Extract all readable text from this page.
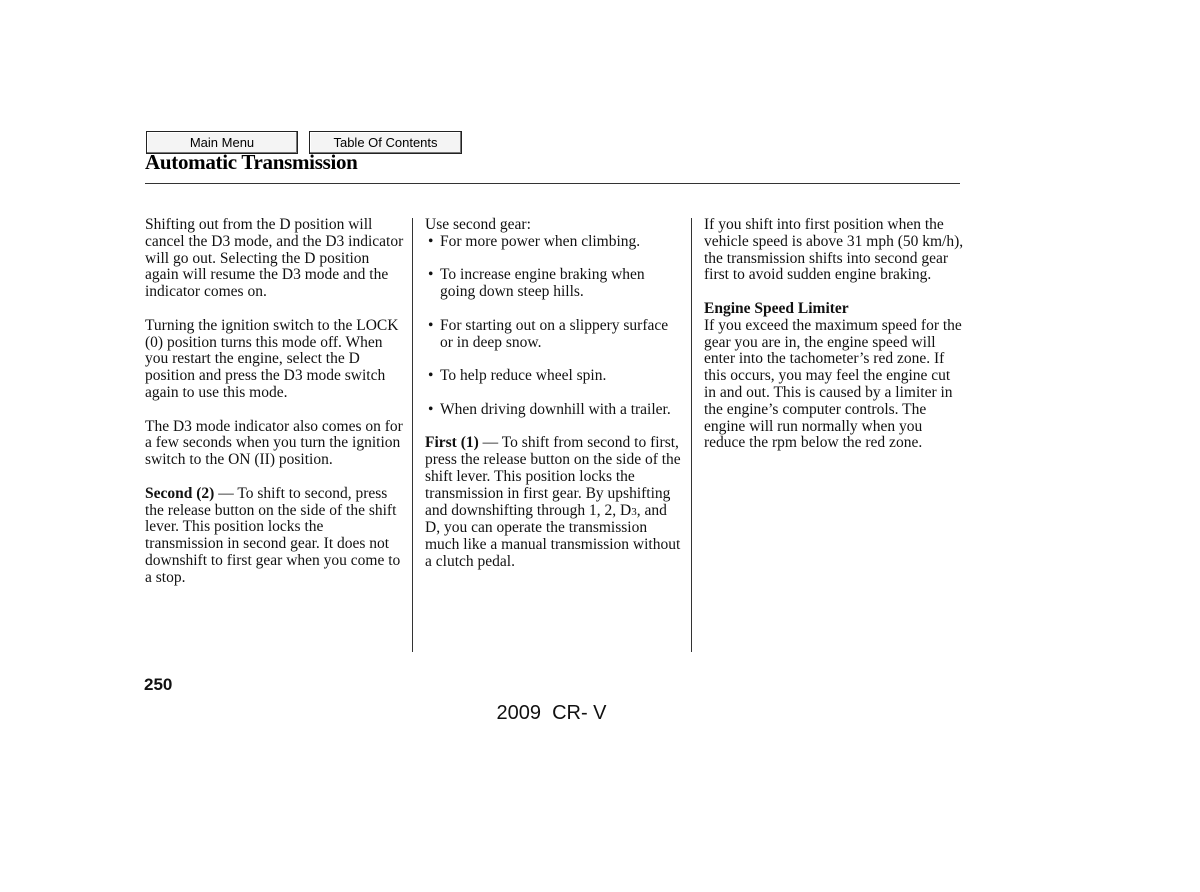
Main Menu	Table Of Contents
Automatic Transmission

Shifting out from the D position will cancel the D3 mode, and the D3 indicator will go out. Selecting the D position again will resume the D3 mode and the indicator comes on.

Turning the ignition switch to the LOCK (0) position turns this mode off. When you restart the engine, select the D position and press the D3 mode switch again to use this mode.

The D3 mode indicator also comes on for a few seconds when you turn the ignition switch to the ON (II) position.

Second (2) — To shift to second, press the release button on the side of the shift lever. This position locks the transmission in second gear. It does not downshift to first gear when you come to a stop.

Use second gear:

• For more power when climbing.
• To increase engine braking when going down steep hills.
• For starting out on a slippery surface or in deep snow.
• To help reduce wheel spin.
• When driving downhill with a trailer.

First (1) — To shift from second to first, press the release button on the side of the shift lever. This position locks the transmission in first gear. By upshifting and downshifting through 1, 2, D3, and D, you can operate the transmission much like a manual transmission without a clutch pedal.

If you shift into first position when the vehicle speed is above 31 mph (50 km/h), the transmission shifts into second gear first to avoid sudden engine braking.

Engine Speed Limiter

If you exceed the maximum speed for the gear you are in, the engine speed will enter into the tachometer’s red zone. If this occurs, you may feel the engine cut in and out. This is caused by a limiter in the engine’s computer controls. The engine will run normally when you reduce the rpm below the red zone.

250
2009  CR- V
